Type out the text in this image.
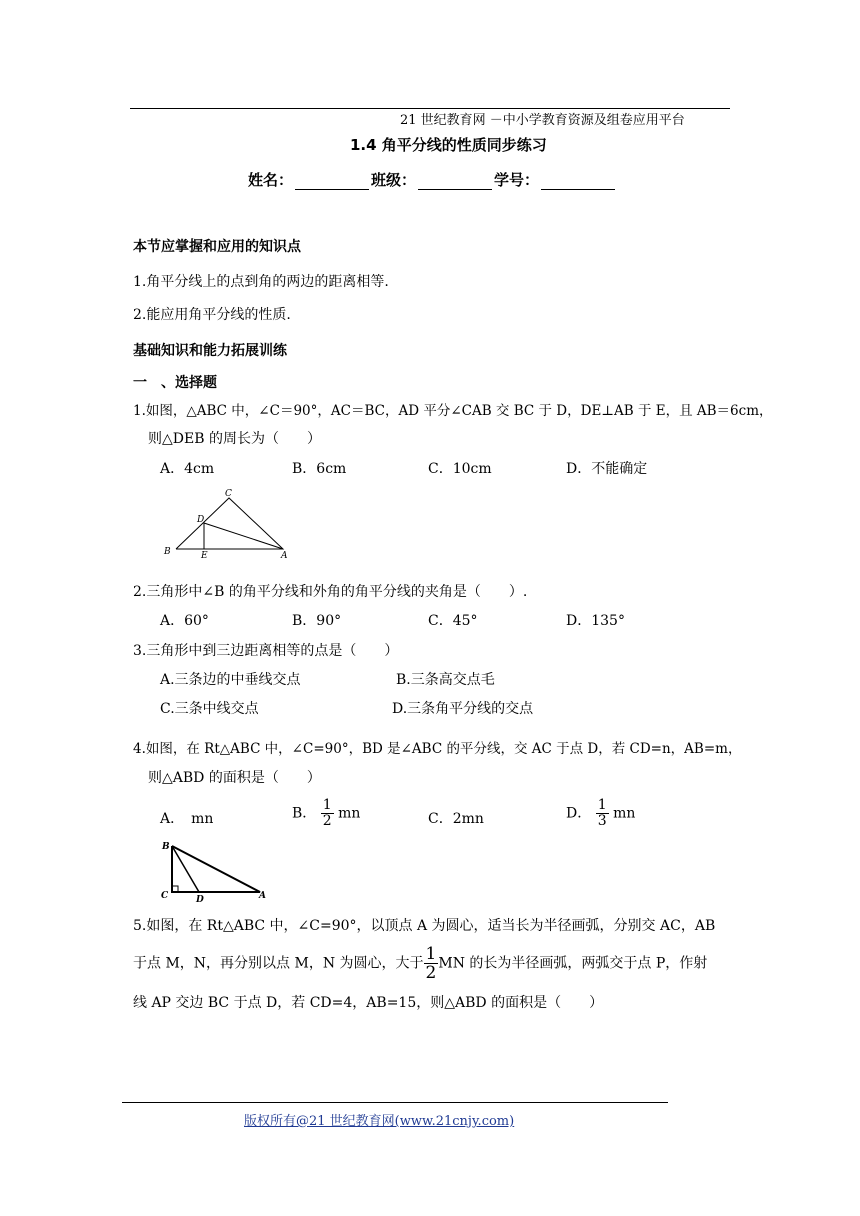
21 世纪教育网 －中小学教育资源及组卷应用平台
1.4 角平分线的性质同步练习
姓名：	班级：	学号：
本节应掌握和应用的知识点
1.角平分线上的点到角的两边的距离相等.
2.能应用角平分线的性质.
基础知识和能力拓展训练
一　、选择题
1.如图，△ABC 中，∠C＝90°，AC＝BC，AD 平分∠CAB 交 BC 于 D，DE⊥AB 于 E，且 AB＝6cm，
则△DEB 的周长为（　　）
A．4cm	B．6cm	C．10cm	D．不能确定
C
D
B	E	A
2.三角形中∠B 的角平分线和外角的角平分线的夹角是（　　）.
A．60°	B．90°	C．45°	D．135°
3.三角形中到三边距离相等的点是（　　）
A.三条边的中垂线交点	B.三条高交点毛
C.三条中线交点	D.三条角平分线的交点
4.如图，在 Rt△ABC 中，∠C=90°，BD 是∠ABC 的平分线，交 AC 于点 D，若 CD=n，AB=m，
则△ABD 的面积是（　　）
A．　mn	B． $\frac{1}{2}$ mn	C．2mn	D． $\frac{1}{3}$ mn
B
C	D	A
5.如图，在 Rt△ABC 中，∠C=90°，以顶点 A 为圆心，适当长为半径画弧，分别交 AC，AB
于点 M，N，再分别以点 M，N 为圆心，大于 $\frac{1}{2}$ MN 的长为半径画弧，两弧交于点 P，作射
线 AP 交边 BC 于点 D，若 CD=4，AB=15，则△ABD 的面积是（　　）
版权所有@21 世纪教育网(www.21cnjy.com)
